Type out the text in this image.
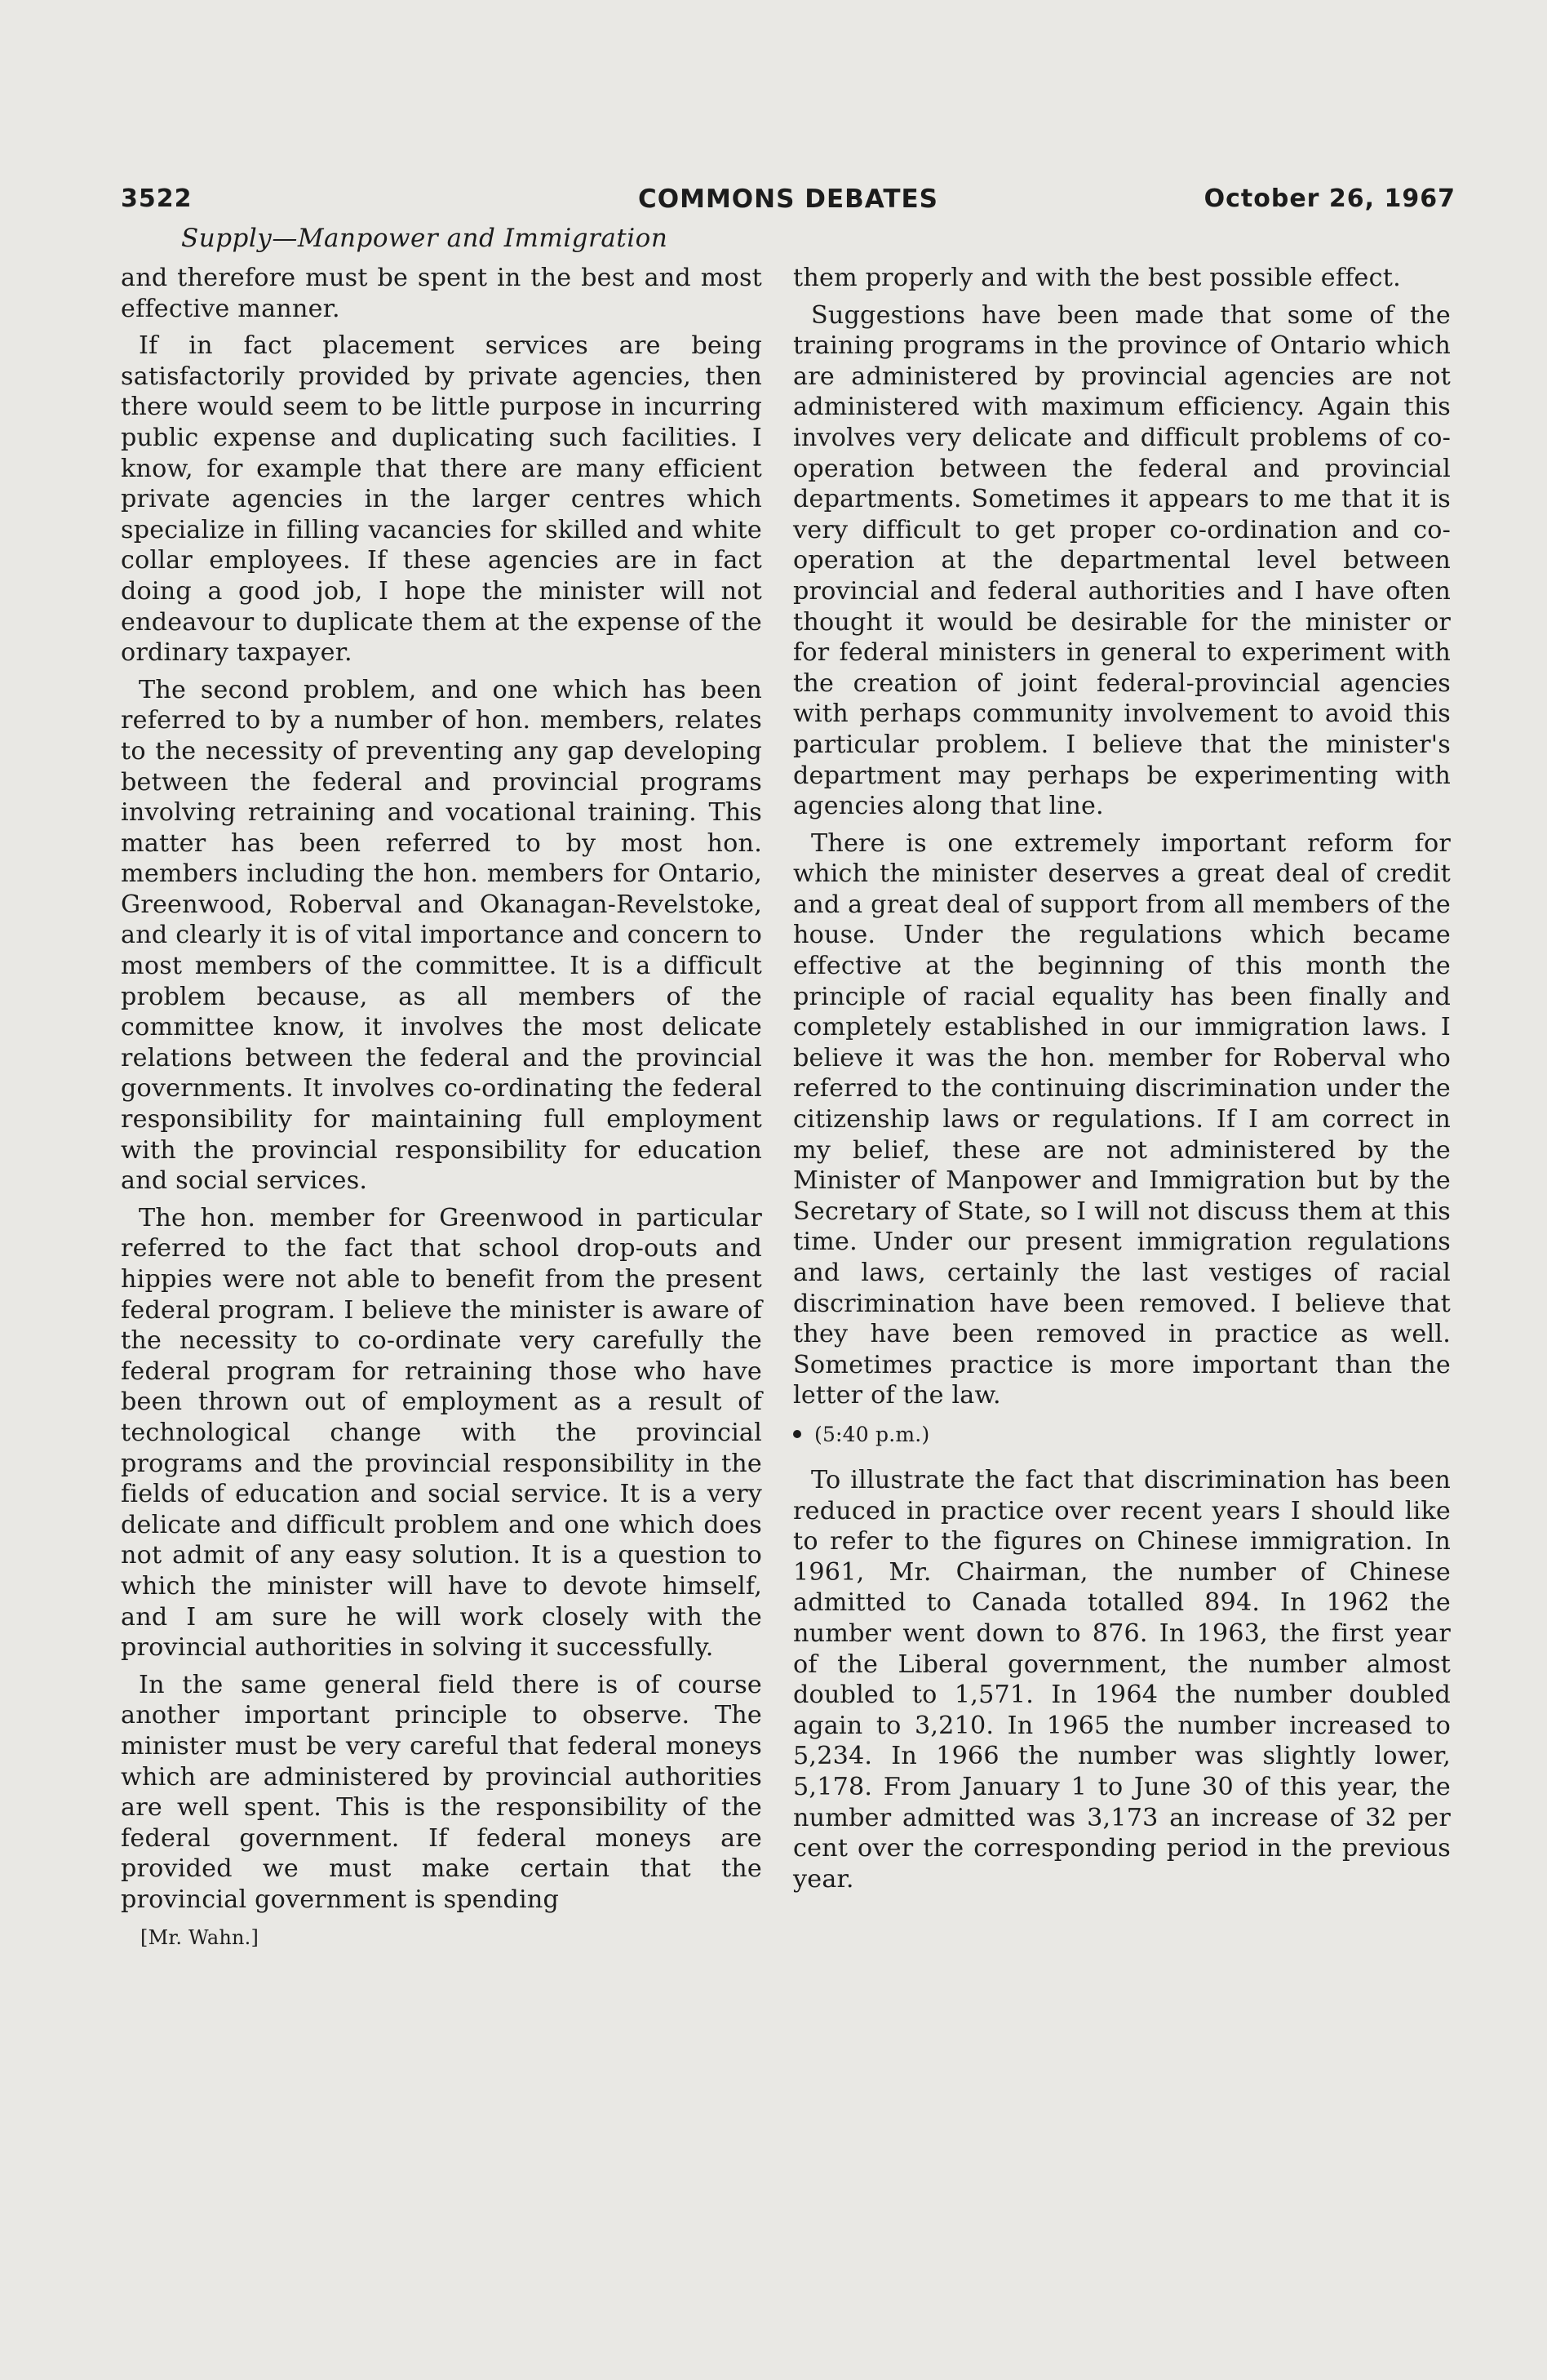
3522	COMMONS DEBATES	October 26, 1967
Supply—Manpower and Immigration

and therefore must be spent in the best and most effective manner.

If in fact placement services are being satisfactorily provided by private agencies, then there would seem to be little purpose in incurring public expense and duplicating such facilities. I know, for example that there are many efficient private agencies in the larger centres which specialize in filling vacancies for skilled and white collar employees. If these agencies are in fact doing a good job, I hope the minister will not endeavour to duplicate them at the expense of the ordinary taxpayer.

The second problem, and one which has been referred to by a number of hon. members, relates to the necessity of preventing any gap developing between the federal and provincial programs involving retraining and vocational training. This matter has been referred to by most hon. members including the hon. members for Ontario, Greenwood, Roberval and Okanagan-Revelstoke, and clearly it is of vital importance and concern to most members of the committee. It is a difficult problem because, as all members of the committee know, it involves the most delicate relations between the federal and the provincial governments. It involves co-ordinating the federal responsibility for maintaining full employment with the provincial responsibility for education and social services.

The hon. member for Greenwood in particular referred to the fact that school drop-outs and hippies were not able to benefit from the present federal program. I believe the minister is aware of the necessity to co-ordinate very carefully the federal program for retraining those who have been thrown out of employment as a result of technological change with the provincial programs and the provincial responsibility in the fields of education and social service. It is a very delicate and difficult problem and one which does not admit of any easy solution. It is a question to which the minister will have to devote himself, and I am sure he will work closely with the provincial authorities in solving it successfully.

In the same general field there is of course another important principle to observe. The minister must be very careful that federal moneys which are administered by provincial authorities are well spent. This is the responsibility of the federal government. If federal moneys are provided we must make certain that the provincial government is spending

[Mr. Wahn.]

them properly and with the best possible effect.

Suggestions have been made that some of the training programs in the province of Ontario which are administered by provincial agencies are not administered with maximum efficiency. Again this involves very delicate and difficult problems of co-operation between the federal and provincial departments. Sometimes it appears to me that it is very difficult to get proper co-ordination and co-operation at the departmental level between provincial and federal authorities and I have often thought it would be desirable for the minister or for federal ministers in general to experiment with the creation of joint federal-provincial agencies with perhaps community involvement to avoid this particular problem. I believe that the minister's department may perhaps be experimenting with agencies along that line.

There is one extremely important reform for which the minister deserves a great deal of credit and a great deal of support from all members of the house. Under the regulations which became effective at the beginning of this month the principle of racial equality has been finally and completely established in our immigration laws. I believe it was the hon. member for Roberval who referred to the continuing discrimination under the citizenship laws or regulations. If I am correct in my belief, these are not administered by the Minister of Manpower and Immigration but by the Secretary of State, so I will not discuss them at this time. Under our present immigration regulations and laws, certainly the last vestiges of racial discrimination have been removed. I believe that they have been removed in practice as well. Sometimes practice is more important than the letter of the law.

(5:40 p.m.)

To illustrate the fact that discrimination has been reduced in practice over recent years I should like to refer to the figures on Chinese immigration. In 1961, Mr. Chairman, the number of Chinese admitted to Canada totalled 894. In 1962 the number went down to 876. In 1963, the first year of the Liberal government, the number almost doubled to 1,571. In 1964 the number doubled again to 3,210. In 1965 the number increased to 5,234. In 1966 the number was slightly lower, 5,178. From January 1 to June 30 of this year, the number admitted was 3,173 an increase of 32 per cent over the corresponding period in the previous year.
